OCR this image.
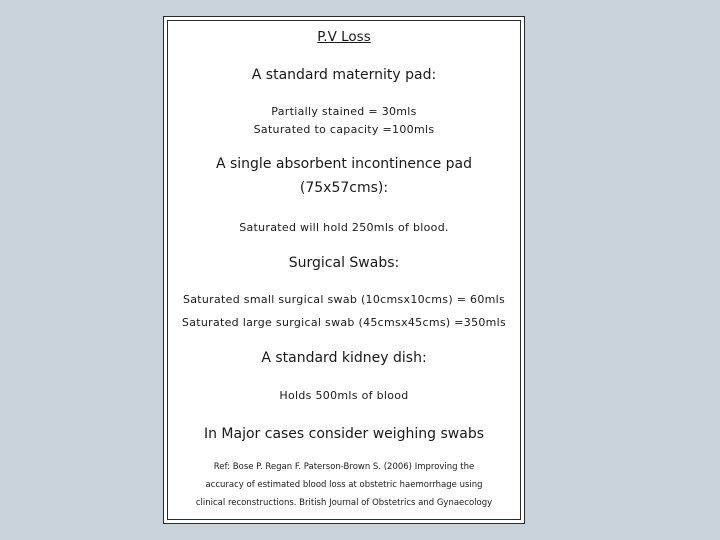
P.V Loss
A standard maternity pad:
Partially stained = 30mls
Saturated to capacity =100mls
A single absorbent incontinence pad
(75x57cms):
Saturated will hold 250mls of blood.
Surgical Swabs:
Saturated small surgical swab (10cmsx10cms) = 60mls
Saturated large surgical swab (45cmsx45cms) =350mls
A standard kidney dish:
Holds 500mls of blood
In Major cases consider weighing swabs
Ref: Bose P. Regan F. Paterson-Brown S. (2006) Improving the
accuracy of estimated blood loss at obstetric haemorrhage using
clinical reconstructions. British Journal of Obstetrics and Gynaecology
